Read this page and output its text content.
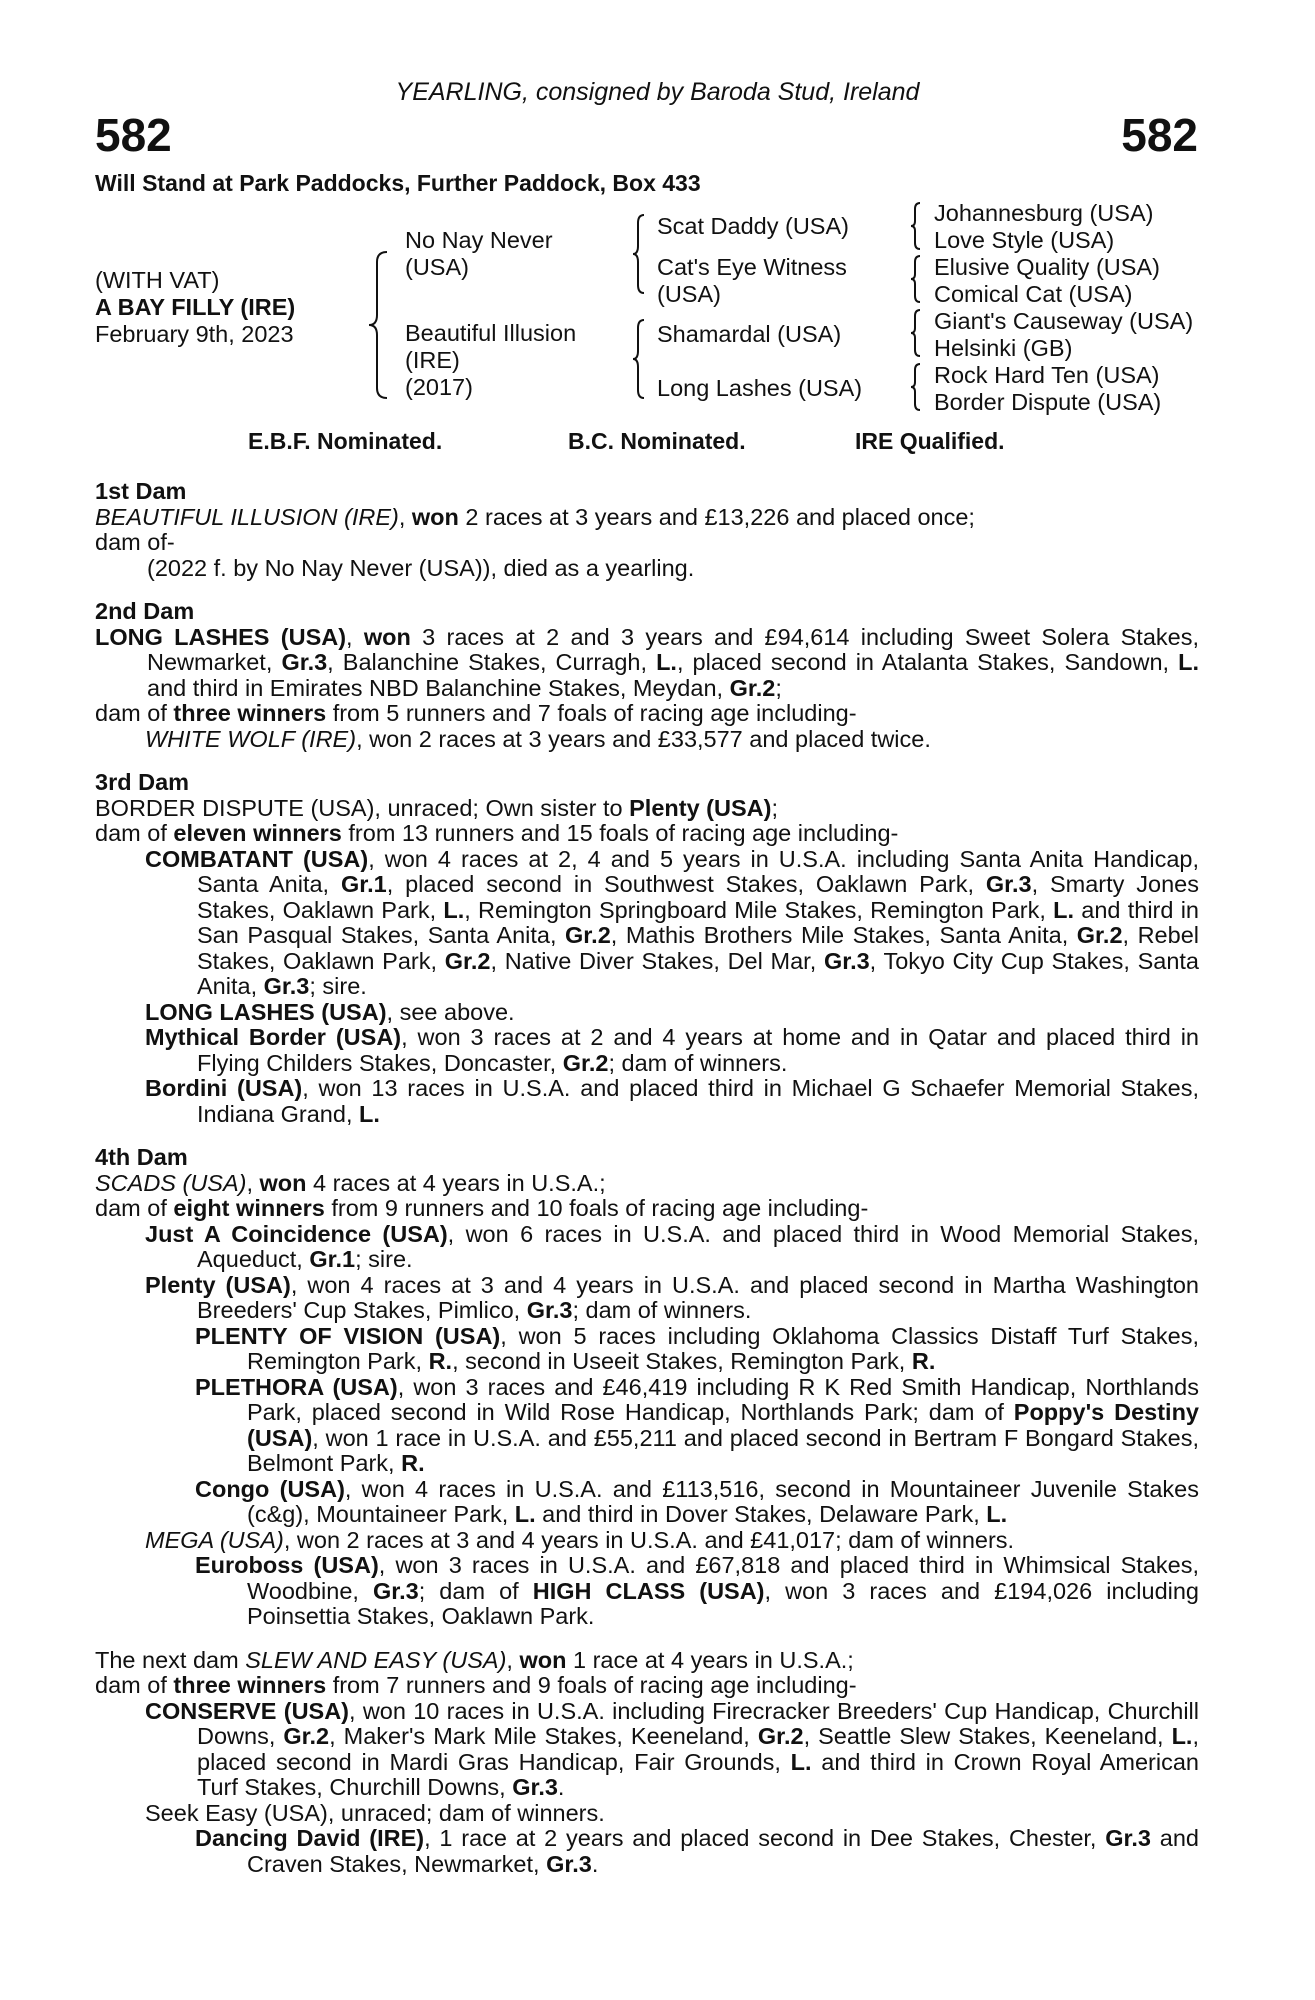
YEARLING, consigned by Baroda Stud, Ireland
582	582
Will Stand at Park Paddocks, Further Paddock, Box 433
(WITH VAT)
A BAY FILLY (IRE)
February 9th, 2023
No Nay Never
(USA)
Beautiful Illusion
(IRE)
(2017)
Scat Daddy (USA)
Cat's Eye Witness
(USA)
Shamardal (USA)
Long Lashes (USA)
Johannesburg (USA)
Love Style (USA)
Elusive Quality (USA)
Comical Cat (USA)
Giant's Causeway (USA)
Helsinki (GB)
Rock Hard Ten (USA)
Border Dispute (USA)
E.B.F. Nominated.	B.C. Nominated.	IRE Qualified.
1st Dam
BEAUTIFUL ILLUSION (IRE), won 2 races at 3 years and £13,226 and placed once;
dam of-
(2022 f. by No Nay Never (USA)), died as a yearling.
2nd Dam
LONG LASHES (USA), won 3 races at 2 and 3 years and £94,614 including Sweet Solera Stakes, Newmarket, Gr.3, Balanchine Stakes, Curragh, L., placed second in Atalanta Stakes, Sandown, L. and third in Emirates NBD Balanchine Stakes, Meydan, Gr.2;
dam of three winners from 5 runners and 7 foals of racing age including-
WHITE WOLF (IRE), won 2 races at 3 years and £33,577 and placed twice.
3rd Dam
BORDER DISPUTE (USA), unraced; Own sister to Plenty (USA);
dam of eleven winners from 13 runners and 15 foals of racing age including-
COMBATANT (USA), won 4 races at 2, 4 and 5 years in U.S.A. including Santa Anita Handicap, Santa Anita, Gr.1, placed second in Southwest Stakes, Oaklawn Park, Gr.3, Smarty Jones Stakes, Oaklawn Park, L., Remington Springboard Mile Stakes, Remington Park, L. and third in San Pasqual Stakes, Santa Anita, Gr.2, Mathis Brothers Mile Stakes, Santa Anita, Gr.2, Rebel Stakes, Oaklawn Park, Gr.2, Native Diver Stakes, Del Mar, Gr.3, Tokyo City Cup Stakes, Santa Anita, Gr.3; sire.
LONG LASHES (USA), see above.
Mythical Border (USA), won 3 races at 2 and 4 years at home and in Qatar and placed third in Flying Childers Stakes, Doncaster, Gr.2; dam of winners.
Bordini (USA), won 13 races in U.S.A. and placed third in Michael G Schaefer Memorial Stakes, Indiana Grand, L.
4th Dam
SCADS (USA), won 4 races at 4 years in U.S.A.;
dam of eight winners from 9 runners and 10 foals of racing age including-
Just A Coincidence (USA), won 6 races in U.S.A. and placed third in Wood Memorial Stakes, Aqueduct, Gr.1; sire.
Plenty (USA), won 4 races at 3 and 4 years in U.S.A. and placed second in Martha Washington Breeders' Cup Stakes, Pimlico, Gr.3; dam of winners.
PLENTY OF VISION (USA), won 5 races including Oklahoma Classics Distaff Turf Stakes, Remington Park, R., second in Useeit Stakes, Remington Park, R.
PLETHORA (USA), won 3 races and £46,419 including R K Red Smith Handicap, Northlands Park, placed second in Wild Rose Handicap, Northlands Park; dam of Poppy's Destiny (USA), won 1 race in U.S.A. and £55,211 and placed second in Bertram F Bongard Stakes, Belmont Park, R.
Congo (USA), won 4 races in U.S.A. and £113,516, second in Mountaineer Juvenile Stakes (c&g), Mountaineer Park, L. and third in Dover Stakes, Delaware Park, L.
MEGA (USA), won 2 races at 3 and 4 years in U.S.A. and £41,017; dam of winners.
Euroboss (USA), won 3 races in U.S.A. and £67,818 and placed third in Whimsical Stakes, Woodbine, Gr.3; dam of HIGH CLASS (USA), won 3 races and £194,026 including Poinsettia Stakes, Oaklawn Park.
The next dam SLEW AND EASY (USA), won 1 race at 4 years in U.S.A.;
dam of three winners from 7 runners and 9 foals of racing age including-
CONSERVE (USA), won 10 races in U.S.A. including Firecracker Breeders' Cup Handicap, Churchill Downs, Gr.2, Maker's Mark Mile Stakes, Keeneland, Gr.2, Seattle Slew Stakes, Keeneland, L., placed second in Mardi Gras Handicap, Fair Grounds, L. and third in Crown Royal American Turf Stakes, Churchill Downs, Gr.3.
Seek Easy (USA), unraced; dam of winners.
Dancing David (IRE), 1 race at 2 years and placed second in Dee Stakes, Chester, Gr.3 and Craven Stakes, Newmarket, Gr.3.
